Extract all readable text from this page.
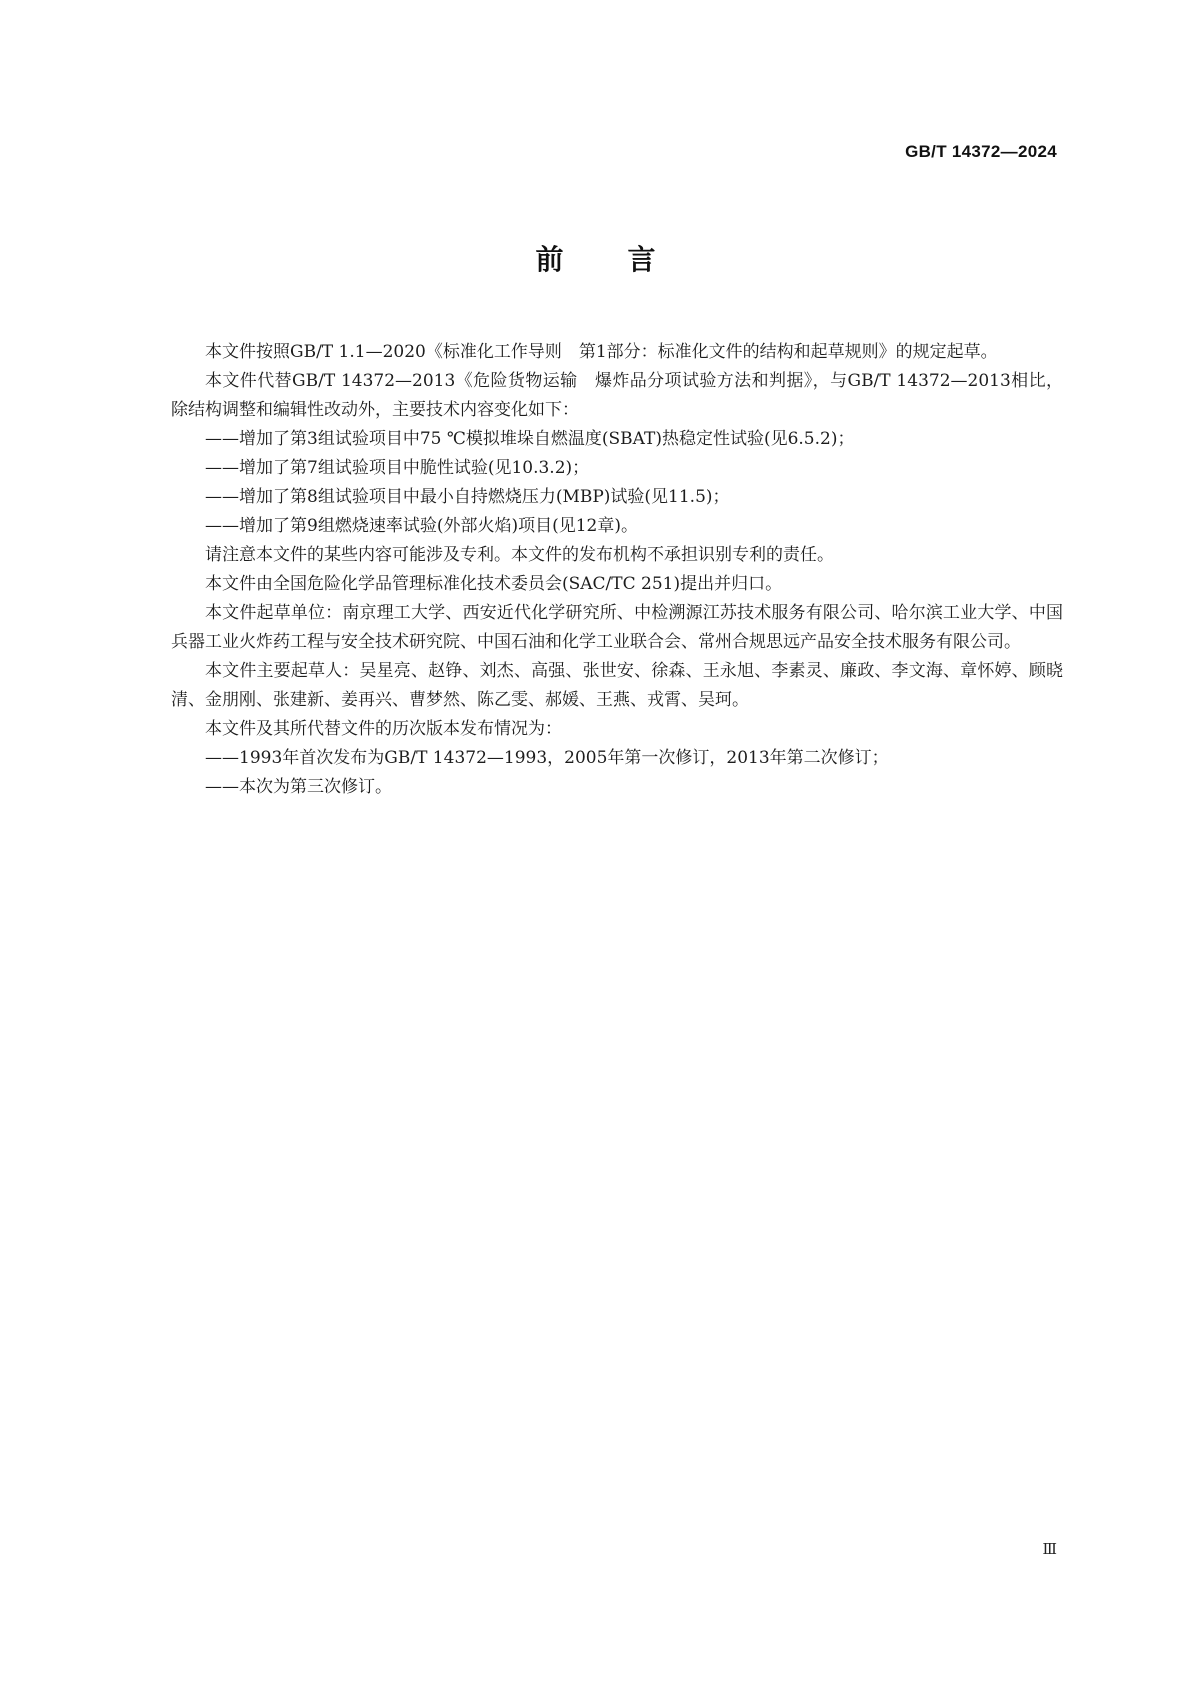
GB/T 14372—2024
前言

本文件按照GB/T 1.1—2020《标准化工作导则　第1部分：标准化文件的结构和起草规则》的规定起草。

本文件代替GB/T 14372—2013《危险货物运输　爆炸品分项试验方法和判据》，与GB/T 14372—2013相比，除结构调整和编辑性改动外，主要技术内容变化如下：

——增加了第3组试验项目中75 ℃模拟堆垛自燃温度(SBAT)热稳定性试验(见6.5.2)；

——增加了第7组试验项目中脆性试验(见10.3.2)；

——增加了第8组试验项目中最小自持燃烧压力(MBP)试验(见11.5)；

——增加了第9组燃烧速率试验(外部火焰)项目(见12章)。

请注意本文件的某些内容可能涉及专利。本文件的发布机构不承担识别专利的责任。

本文件由全国危险化学品管理标准化技术委员会(SAC/TC 251)提出并归口。

本文件起草单位：南京理工大学、西安近代化学研究所、中检溯源江苏技术服务有限公司、哈尔滨工业大学、中国兵器工业火炸药工程与安全技术研究院、中国石油和化学工业联合会、常州合规思远产品安全技术服务有限公司。

本文件主要起草人：吴星亮、赵铮、刘杰、高强、张世安、徐森、王永旭、李素灵、廉政、李文海、章怀婷、顾晓清、金朋刚、张建新、姜再兴、曹梦然、陈乙雯、郝媛、王燕、戎霄、吴珂。

本文件及其所代替文件的历次版本发布情况为：

——1993年首次发布为GB/T 14372—1993，2005年第一次修订，2013年第二次修订；

——本次为第三次修订。

Ⅲ
